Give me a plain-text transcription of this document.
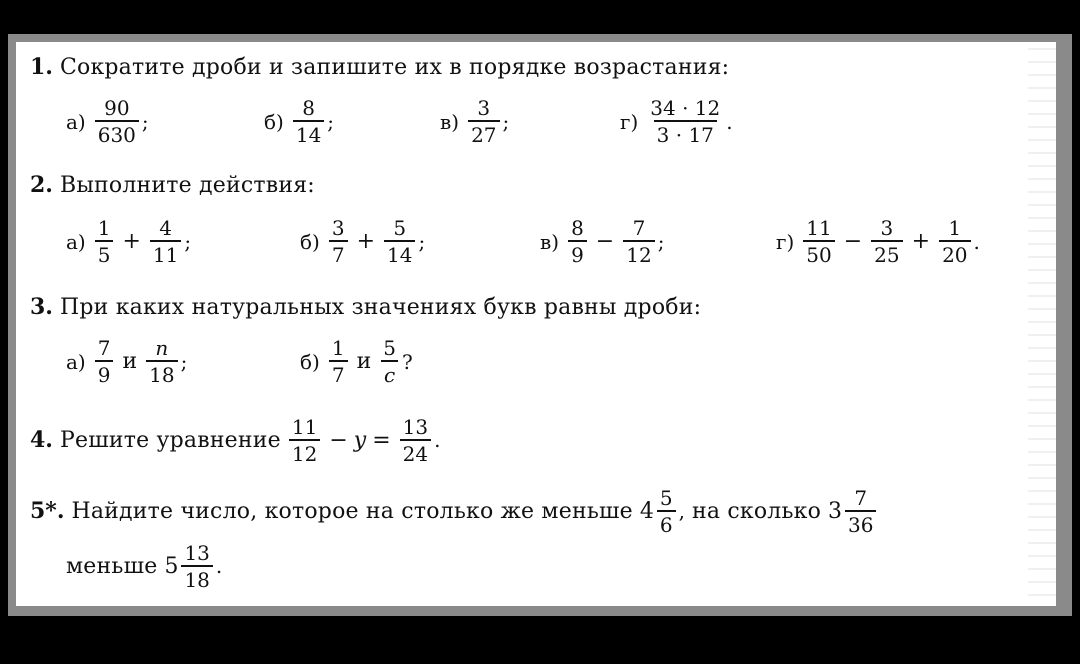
1.
Сократите дроби и запишите их в порядке возрастания:
$а) \frac{90}{630}$ ;	$б) \frac{8}{14}$ ;	$в) \frac{3}{27}$ ;	$г) \frac{34 \cdot 12}{3 \cdot 17}$ .
2.
Выполните действия:
$а) \frac{1}{5} + \frac{4}{11}$ ;	$б) \frac{3}{7} + \frac{5}{14}$ ;	$в) \frac{8}{9} - \frac{7}{12}$ ;	$г) \frac{11}{50} - \frac{3}{25} + \frac{1}{20}$ .
3.
При каких натуральных значениях букв равны дроби:
$а) \frac{7}{9}$ и $\frac{n}{18}$ ;	$б) \frac{1}{7}$ и $\frac{5}{c}$ ?
4.
Решите уравнение $\frac{11}{12} - y = \frac{13}{24}$ .
5*.
Найдите число, которое на столько же меньше
$4 \frac{5}{6}$ ,
на сколько
$3 \frac{7}{36}$
меньше
$5 \frac{13}{18}$ .
